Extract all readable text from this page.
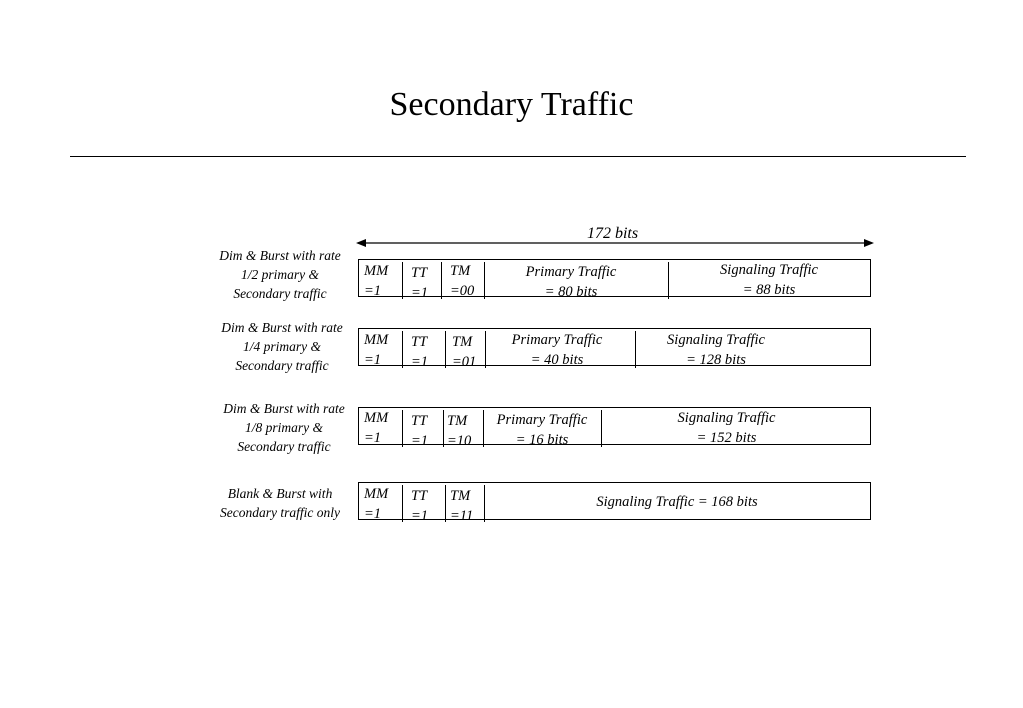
Secondary Traffic
172 bits
Dim & Burst with rate
1/2 primary &
Secondary traffic
MM
=1
TT
=1
TM
=00
Primary Traffic
= 80 bits
Signaling Traffic
= 88 bits
Dim & Burst with rate
1/4 primary &
Secondary traffic
MM
=1
TT
=1
TM
=01
Primary Traffic
= 40 bits
Signaling Traffic
= 128 bits
Dim & Burst with rate
1/8 primary &
Secondary traffic
MM
=1
TT
=1
TM
=10
Primary Traffic
= 16 bits
Signaling Traffic
= 152 bits
Blank & Burst with
Secondary traffic only
MM
=1
TT
=1
TM
=11
Signaling Traffic = 168 bits
